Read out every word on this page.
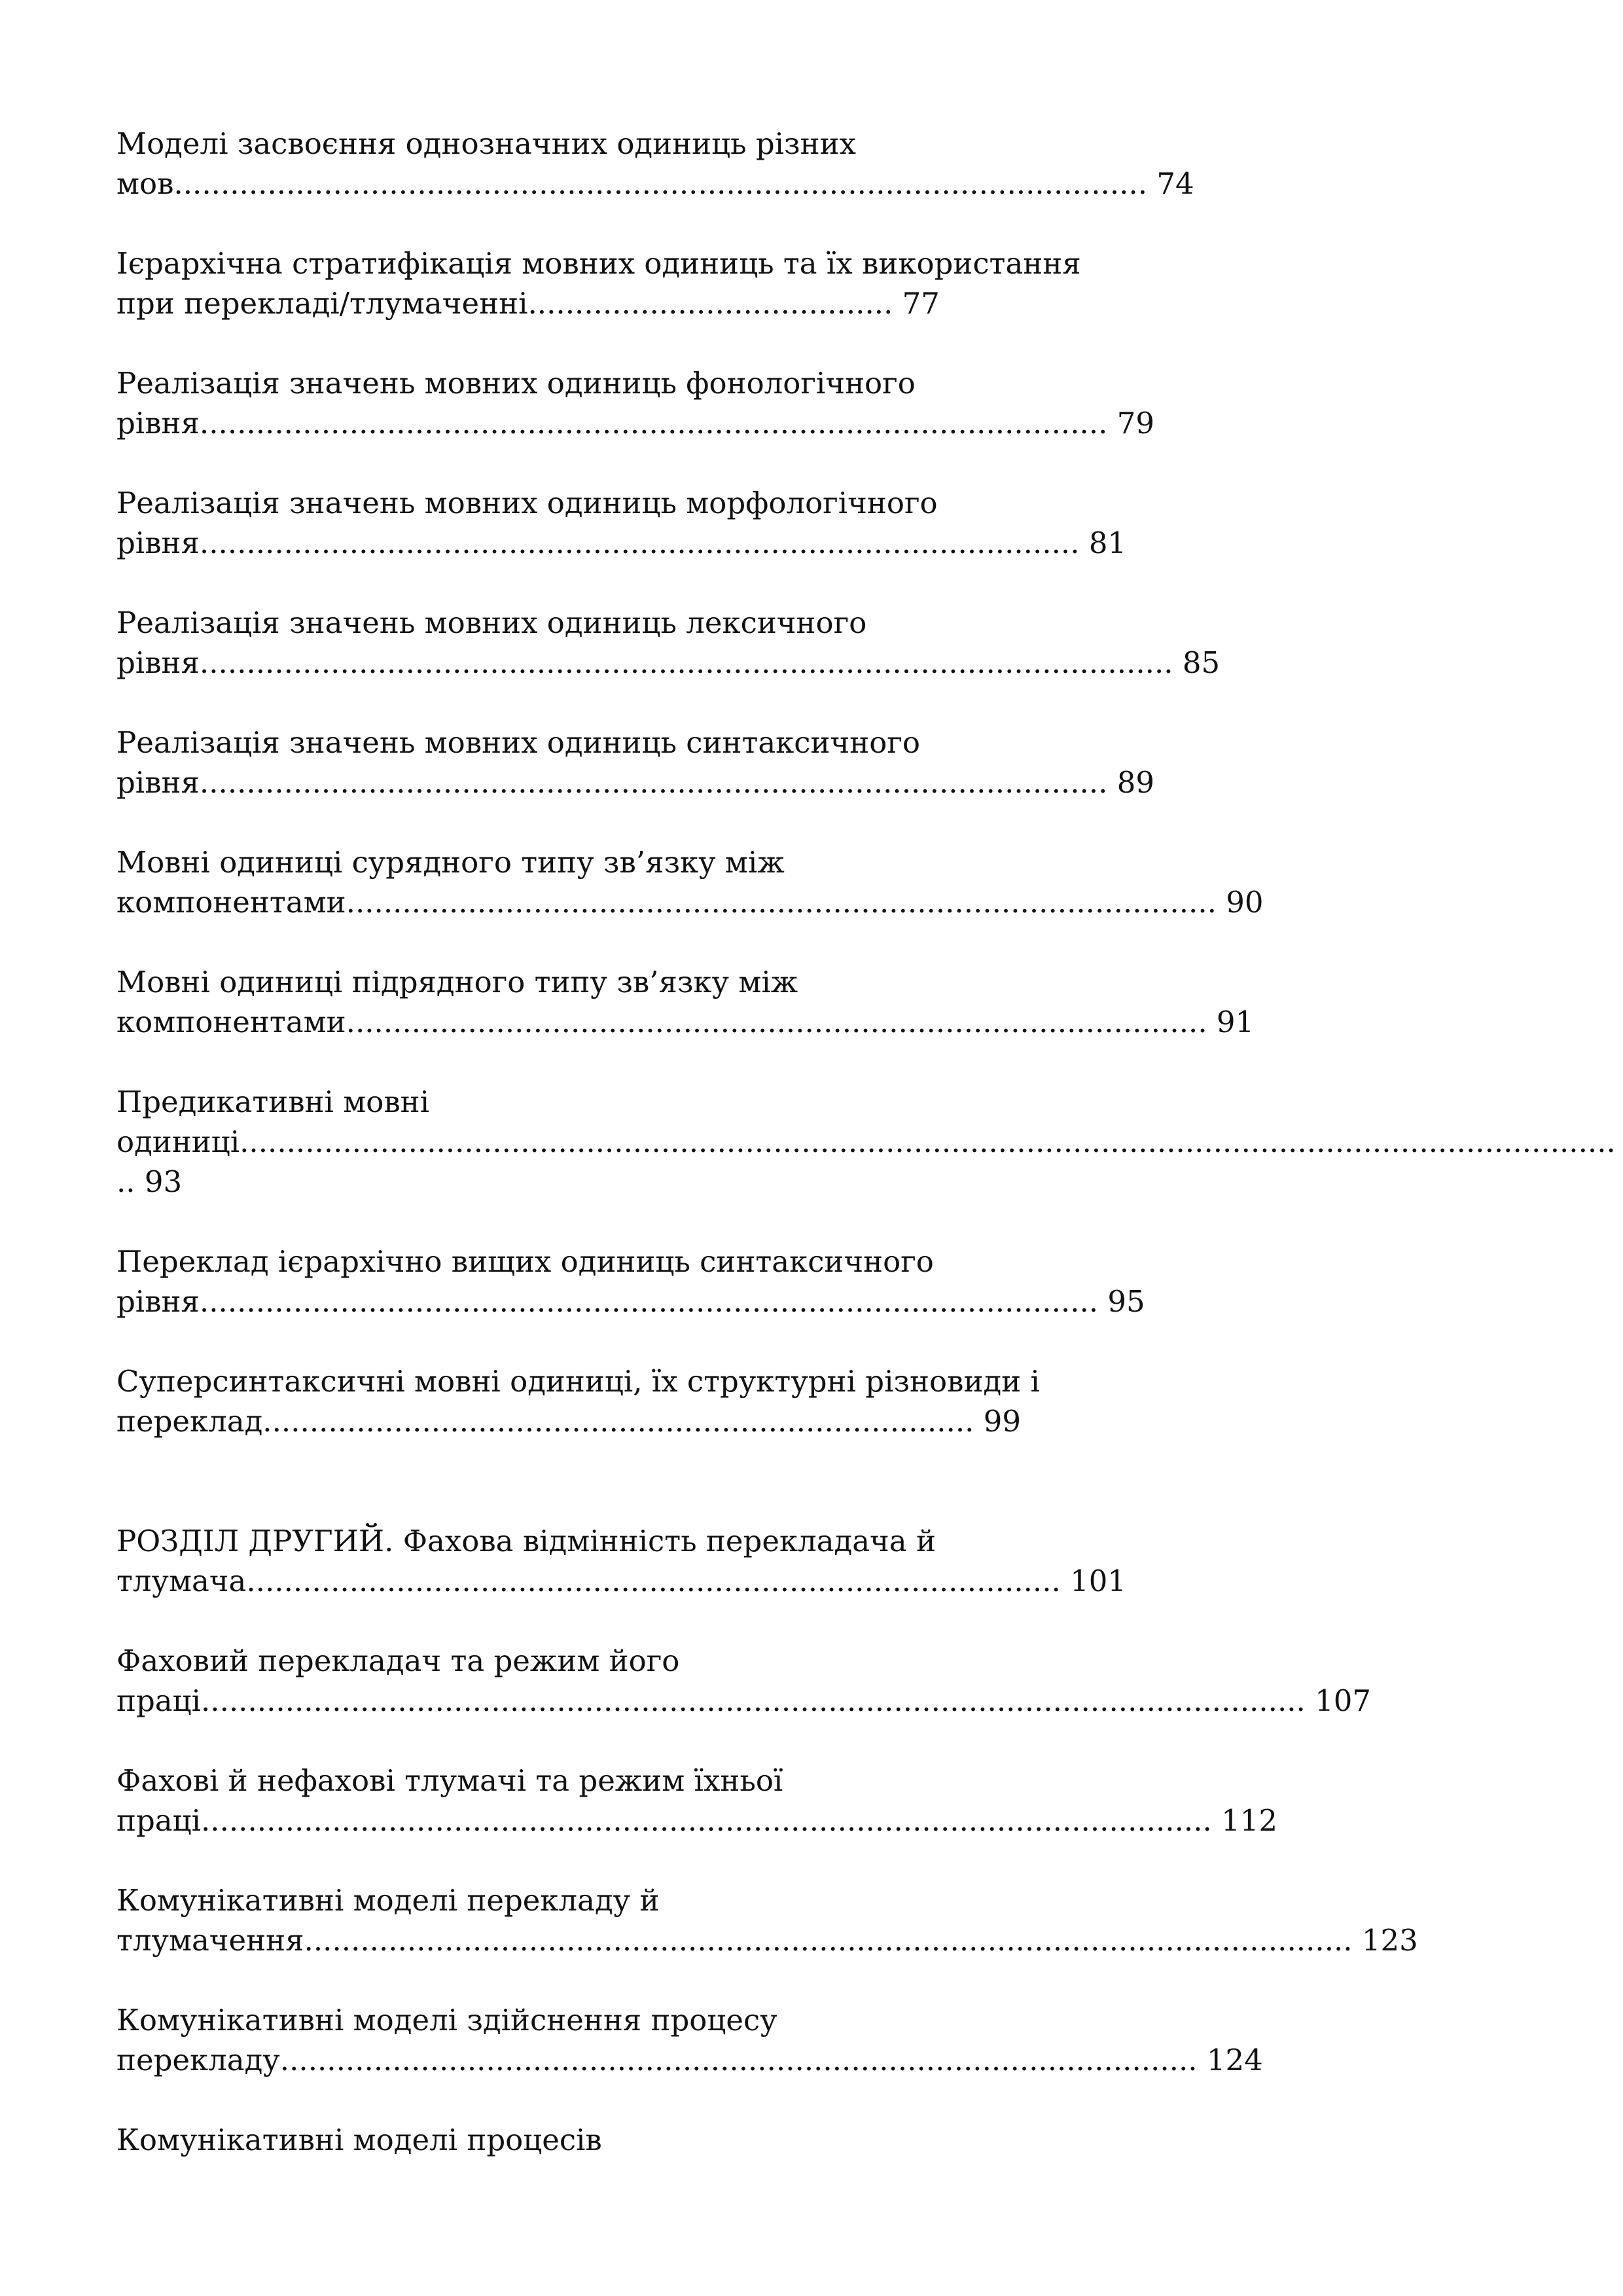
Моделі засвоєння однозначних одиниць різних

мов........................................................................................................ 74

Ієрархічна стратифікація мовних одиниць та їх використання

при перекладі/тлумаченні....................................... 77

Реалізація значень мовних одиниць фонологічного

рівня................................................................................................. 79

Реалізація значень мовних одиниць морфологічного

рівня.............................................................................................. 81

Реалізація значень мовних одиниць лексичного

рівня........................................................................................................ 85

Реалізація значень мовних одиниць синтаксичного

рівня................................................................................................. 89

Мовні одиниці сурядного типу зв’язку між

компонентами............................................................................................. 90

Мовні одиниці підрядного типу зв’язку між

компонентами............................................................................................ 91

Предикативні мовні

одиниці...................................................................................................................................................

.. 93

Переклад ієрархічно вищих одиниць синтаксичного

рівня................................................................................................ 95

Суперсинтаксичні мовні одиниці, їх структурні різновиди і

переклад............................................................................ 99

РОЗДІЛ ДРУГИЙ. Фахова відмінність перекладача й

тлумача....................................................................................... 101

Фаховий перекладач та режим його

праці...................................................................................................................... 107

Фахові й нефахові тлумачі та режим їхньої

праці............................................................................................................ 112

Комунікативні моделі перекладу й

тлумачення................................................................................................................ 123

Комунікативні моделі здійснення процесу

перекладу.................................................................................................. 124

Комунікативні моделі процесів
